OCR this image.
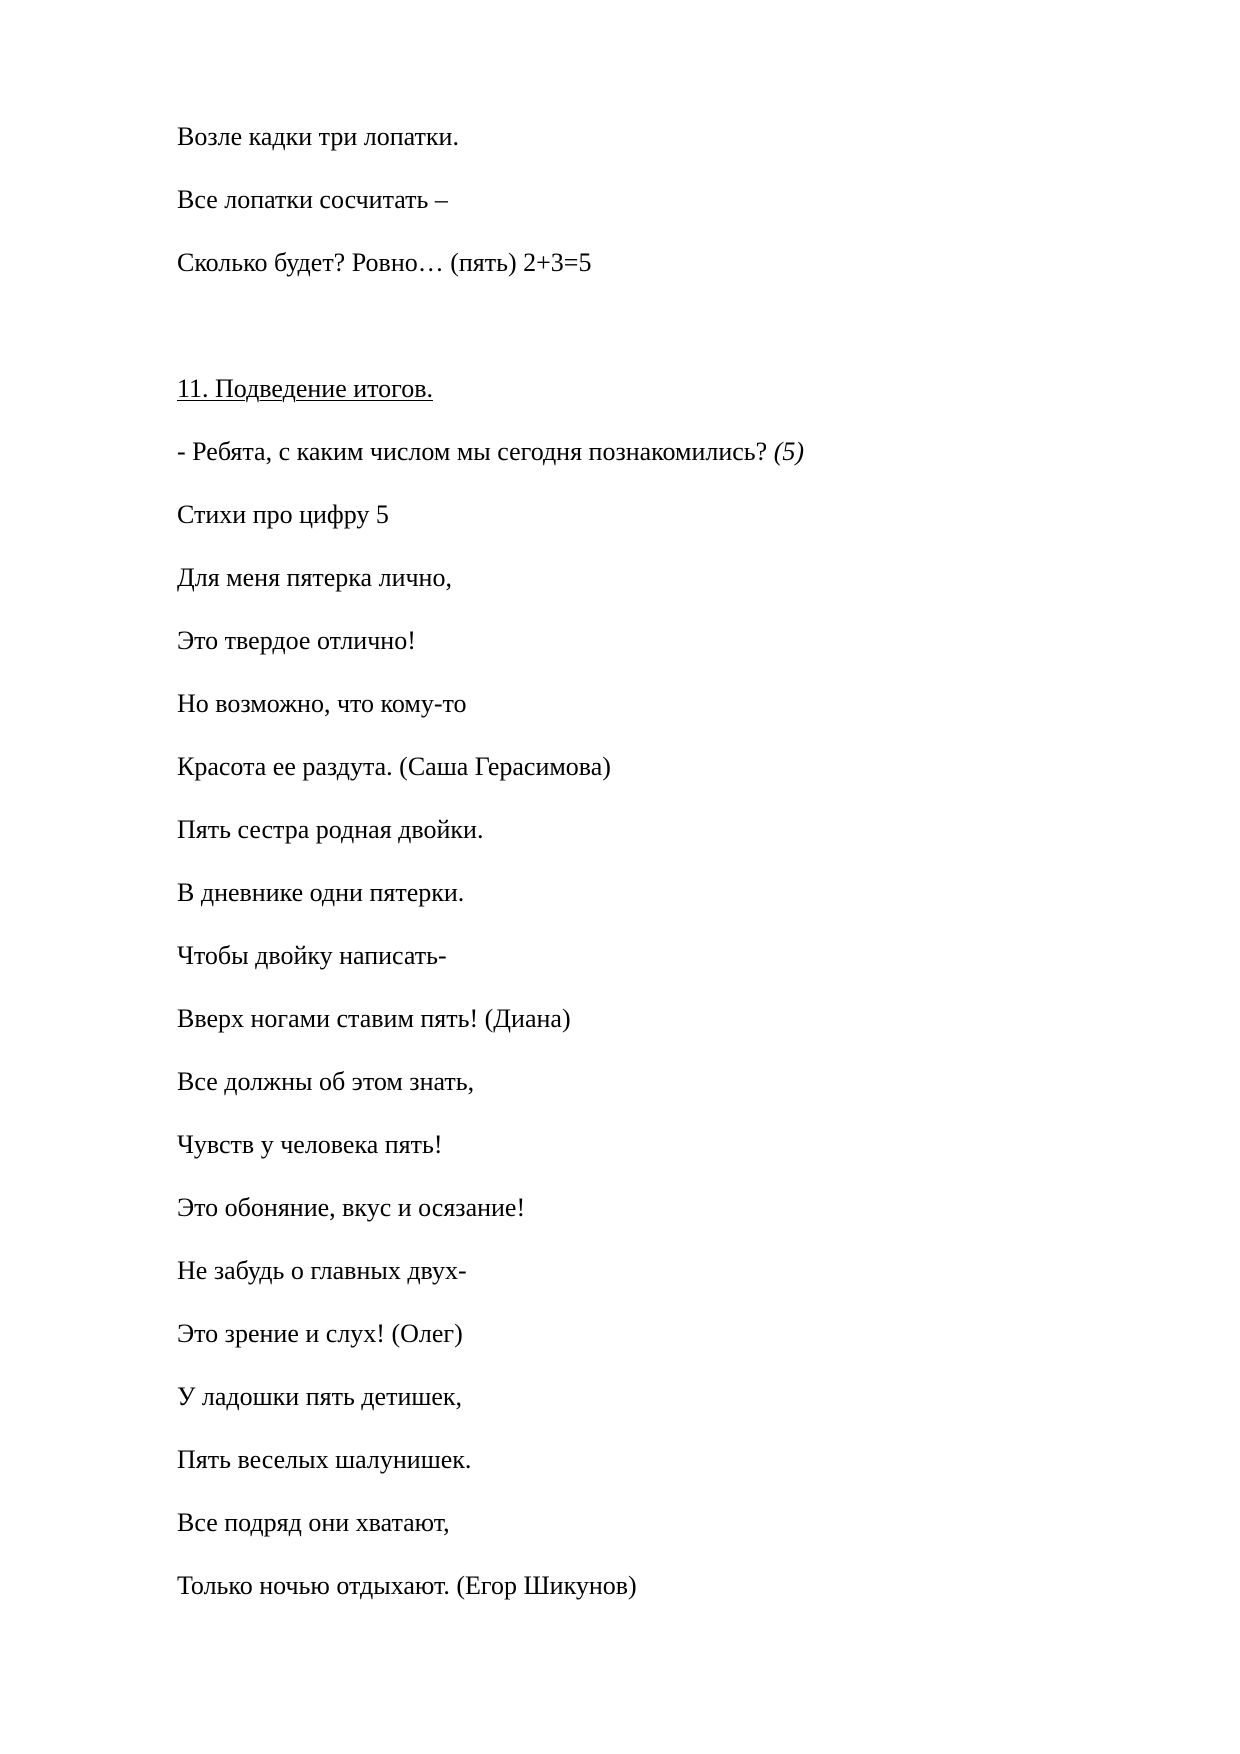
Возле кадки три лопатки.

Все лопатки сосчитать –

Сколько будет? Ровно… (пять) 2+3=5

11. Подведение итогов.

- Ребята, с каким числом мы сегодня познакомились? (5)

Стихи про цифру 5

Для меня пятерка лично,

Это твердое отлично!

Но возможно, что кому-то

Красота ее раздута. (Саша Герасимова)

Пять сестра родная двойки.

В дневнике одни пятерки.

Чтобы двойку написать-

Вверх ногами ставим пять! (Диана)

Все должны об этом знать,

Чувств у человека пять!

Это обоняние, вкус и осязание!

Не забудь о главных двух-

Это зрение и слух! (Олег)

У ладошки пять детишек,

Пять веселых шалунишек.

Все подряд они хватают,

Только ночью отдыхают. (Егор Шикунов)
